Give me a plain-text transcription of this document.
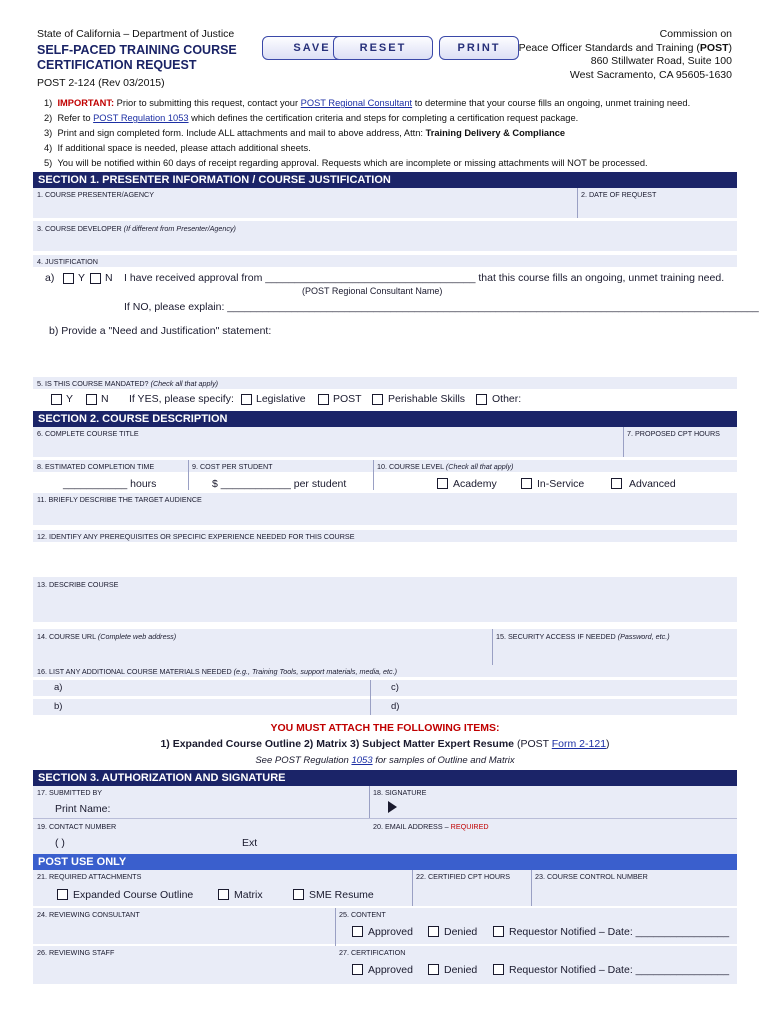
State of California – Department of Justice
SELF-PACED TRAINING COURSE
CERTIFICATION REQUEST
POST 2-124 (Rev 03/2015)
SAVE	RESET	PRINT
Commission on
Peace Officer Standards and Training (POST)
860 Stillwater Road, Suite 100
West Sacramento, CA 95605-1630
1) IMPORTANT: Prior to submitting this request, contact your POST Regional Consultant to determine that your course fills an ongoing, unmet training need.
2) Refer to POST Regulation 1053 which defines the certification criteria and steps for completing a certification request package.
3) Print and sign completed form. Include ALL attachments and mail to above address, Attn: Training Delivery & Compliance
4) If additional space is needed, please attach additional sheets.
5) You will be notified within 60 days of receipt regarding approval. Requests which are incomplete or missing attachments will NOT be processed.
SECTION 1. PRESENTER INFORMATION / COURSE JUSTIFICATION
1. COURSE PRESENTER/AGENCY	2. DATE OF REQUEST
3. COURSE DEVELOPER (If different from Presenter/Agency)
4. JUSTIFICATION
a) Y N I have received approval from ____________________________________ that this course fills an ongoing, unmet training need.
(POST Regional Consultant Name)
If NO, please explain: ___________________________________________________________________________________________
b) Provide a "Need and Justification" statement:
5. IS THIS COURSE MANDATED? (Check all that apply)
Y	N If YES, please specify: Legislative	POST	Perishable Skills	Other:
SECTION 2. COURSE DESCRIPTION
6. COMPLETE COURSE TITLE	7. PROPOSED CPT HOURS
8. ESTIMATED COMPLETION TIME	9. COST PER STUDENT	10. COURSE LEVEL (Check all that apply)
___________ hours	$ ____________ per student	Academy	In-Service	Advanced
11. BRIEFLY DESCRIBE THE TARGET AUDIENCE
12. IDENTIFY ANY PREREQUISITES OR SPECIFIC EXPERIENCE NEEDED FOR THIS COURSE
13. DESCRIBE COURSE
14. COURSE URL (Complete web address)	15. SECURITY ACCESS IF NEEDED (Password, etc.)
16. LIST ANY ADDITIONAL COURSE MATERIALS NEEDED (e.g., Training Tools, support materials, media, etc.)
a)
b)
c)
d)
YOU MUST ATTACH THE FOLLOWING ITEMS:
1) Expanded Course Outline 2) Matrix 3) Subject Matter Expert Resume (POST Form 2-121)
See POST Regulation 1053 for samples of Outline and Matrix
SECTION 3. AUTHORIZATION AND SIGNATURE
17. SUBMITTED BY
Print Name:
18. SIGNATURE
19. CONTACT NUMBER
( )	Ext
20. EMAIL ADDRESS – REQUIRED
POST USE ONLY
21. REQUIRED ATTACHMENTS	22. CERTIFIED CPT HOURS	23. COURSE CONTROL NUMBER
Expanded Course Outline	Matrix	SME Resume
24. REVIEWING CONSULTANT	25. CONTENT
Approved	Denied	Requestor Notified – Date: ________________
26. REVIEWING STAFF	27. CERTIFICATION
Approved	Denied	Requestor Notified – Date: ________________
